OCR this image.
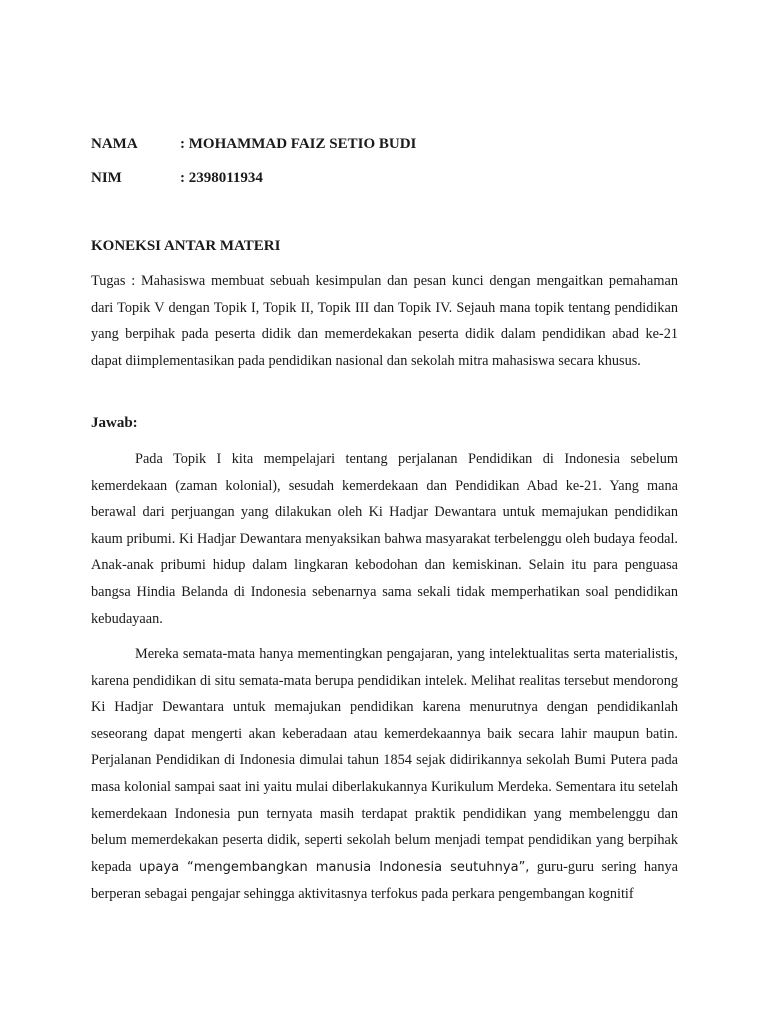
NAMA	: MOHAMMAD FAIZ SETIO BUDI
NIM	: 2398011934
KONEKSI ANTAR MATERI

Tugas : Mahasiswa membuat sebuah kesimpulan dan pesan kunci dengan mengaitkan pemahaman dari Topik V dengan Topik I, Topik II, Topik III dan Topik IV. Sejauh mana topik tentang pendidikan yang berpihak pada peserta didik dan memerdekakan peserta didik dalam pendidikan abad ke-21 dapat diimplementasikan pada pendidikan nasional dan sekolah mitra mahasiswa secara khusus.

Jawab:

Pada Topik I kita mempelajari tentang perjalanan Pendidikan di Indonesia sebelum kemerdekaan (zaman kolonial), sesudah kemerdekaan dan Pendidikan Abad ke-21. Yang mana berawal dari perjuangan yang dilakukan oleh Ki Hadjar Dewantara untuk memajukan pendidikan kaum pribumi. Ki Hadjar Dewantara menyaksikan bahwa masyarakat terbelenggu oleh budaya feodal. Anak-anak pribumi hidup dalam lingkaran kebodohan dan kemiskinan. Selain itu para penguasa bangsa Hindia Belanda di Indonesia sebenarnya sama sekali tidak memperhatikan soal pendidikan kebudayaan.

Mereka semata-mata hanya mementingkan pengajaran, yang intelektualitas serta materialistis, karena pendidikan di situ semata-mata berupa pendidikan intelek. Melihat realitas tersebut mendorong Ki Hadjar Dewantara untuk memajukan pendidikan karena menurutnya dengan pendidikanlah seseorang dapat mengerti akan keberadaan atau kemerdekaannya baik secara lahir maupun batin. Perjalanan Pendidikan di Indonesia dimulai tahun 1854 sejak didirikannya sekolah Bumi Putera pada masa kolonial sampai saat ini yaitu mulai diberlakukannya Kurikulum Merdeka. Sementara itu setelah kemerdekaan Indonesia pun ternyata masih terdapat praktik pendidikan yang membelenggu dan belum memerdekakan peserta didik, seperti sekolah belum menjadi tempat pendidikan yang berpihak kepada upaya “mengembangkan manusia Indonesia seutuhnya”, guru-guru sering hanya berperan sebagai pengajar sehingga aktivitasnya terfokus pada perkara pengembangan kognitif
